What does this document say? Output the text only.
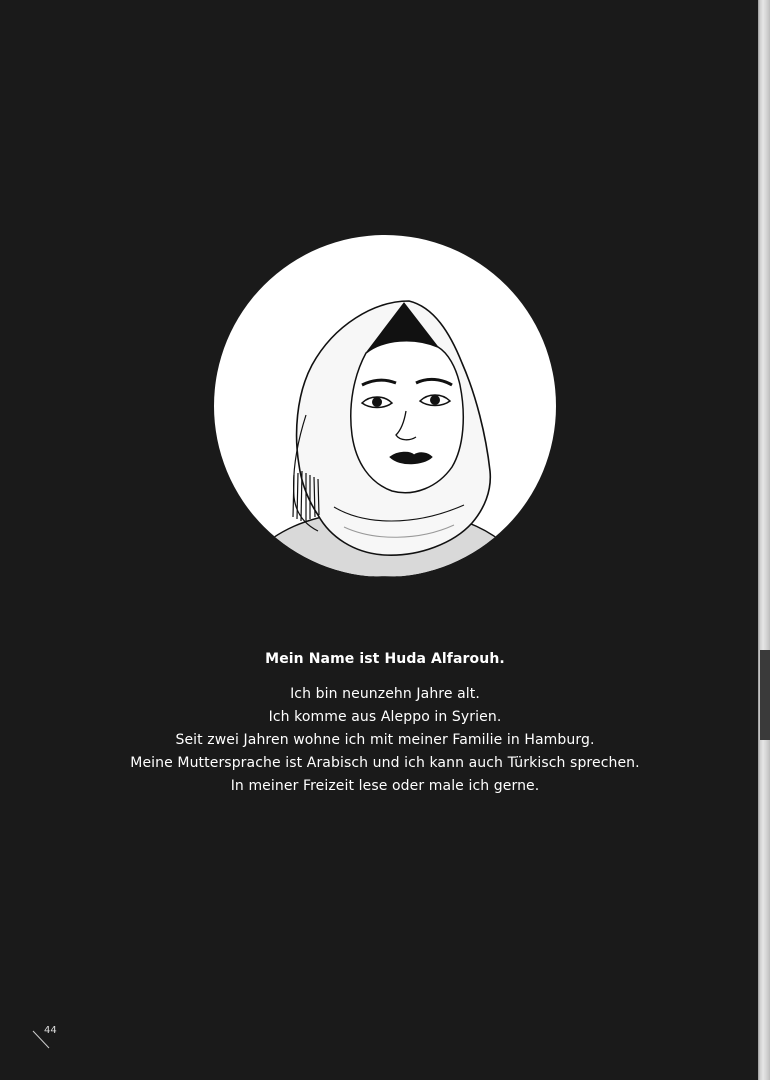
Mein Name ist Huda Alfarouh.

Ich bin neunzehn Jahre alt.

Ich komme aus Aleppo in Syrien.

Seit zwei Jahren wohne ich mit meiner Familie in Hamburg.

Meine Muttersprache ist Arabisch und ich kann auch Türkisch sprechen.

In meiner Freizeit lese oder male ich gerne.

44
